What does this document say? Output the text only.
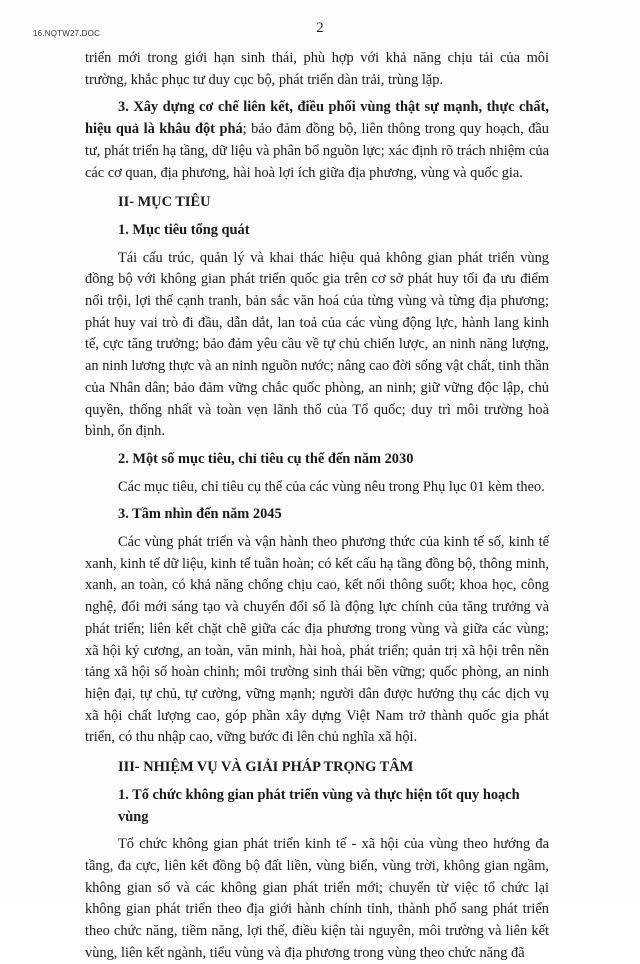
16.NQTW27.DOC	2

triển mới trong giới hạn sinh thái, phù hợp với khả năng chịu tải của môi trường, khắc phục tư duy cục bộ, phát triển dàn trải, trùng lặp.

3. Xây dựng cơ chế liên kết, điều phối vùng thật sự mạnh, thực chất, hiệu quả là khâu đột phá; bảo đảm đồng bộ, liên thông trong quy hoạch, đầu tư, phát triển hạ tầng, dữ liệu và phân bổ nguồn lực; xác định rõ trách nhiệm của các cơ quan, địa phương, hài hoà lợi ích giữa địa phương, vùng và quốc gia.

II- MỤC TIÊU

1. Mục tiêu tổng quát

Tái cấu trúc, quản lý và khai thác hiệu quả không gian phát triển vùng đồng bộ với không gian phát triển quốc gia trên cơ sở phát huy tối đa ưu điểm nổi trội, lợi thế cạnh tranh, bản sắc văn hoá của từng vùng và từng địa phương; phát huy vai trò đi đầu, dẫn dắt, lan toả của các vùng động lực, hành lang kinh tế, cực tăng trưởng; bảo đảm yêu cầu về tự chủ chiến lược, an ninh năng lượng, an ninh lương thực và an ninh nguồn nước; nâng cao đời sống vật chất, tinh thần của Nhân dân; bảo đảm vững chắc quốc phòng, an ninh; giữ vững độc lập, chủ quyền, thống nhất và toàn vẹn lãnh thổ của Tổ quốc; duy trì môi trường hoà bình, ổn định.

2. Một số mục tiêu, chỉ tiêu cụ thể đến năm 2030

Các mục tiêu, chỉ tiêu cụ thể của các vùng nêu trong Phụ lục 01 kèm theo.

3. Tầm nhìn đến năm 2045

Các vùng phát triển và vận hành theo phương thức của kinh tế số, kinh tế xanh, kinh tế dữ liệu, kinh tế tuần hoàn; có kết cấu hạ tầng đồng bộ, thông minh, xanh, an toàn, có khả năng chống chịu cao, kết nối thông suốt; khoa học, công nghệ, đổi mới sáng tạo và chuyển đổi số là động lực chính của tăng trưởng và phát triển; liên kết chặt chẽ giữa các địa phương trong vùng và giữa các vùng; xã hội kỷ cương, an toàn, văn minh, hài hoà, phát triển; quản trị xã hội trên nền tảng xã hội số hoàn chỉnh; môi trường sinh thái bền vững; quốc phòng, an ninh hiện đại, tự chủ, tự cường, vững mạnh; người dân được hưởng thụ các dịch vụ xã hội chất lượng cao, góp phần xây dựng Việt Nam trở thành quốc gia phát triển, có thu nhập cao, vững bước đi lên chủ nghĩa xã hội.

III- NHIỆM VỤ VÀ GIẢI PHÁP TRỌNG TÂM

1. Tổ chức không gian phát triển vùng và thực hiện tốt quy hoạch vùng

Tổ chức không gian phát triển kinh tế - xã hội của vùng theo hướng đa tầng, đa cực, liên kết đồng bộ đất liền, vùng biển, vùng trời, không gian ngầm, không gian số và các không gian phát triển mới; chuyển từ việc tổ chức lại không gian phát triển theo địa giới hành chính tỉnh, thành phố sang phát triển theo chức năng, tiềm năng, lợi thế, điều kiện tài nguyên, môi trường và liên kết vùng, liên kết ngành, tiểu vùng và địa phương trong vùng theo chức năng đã
